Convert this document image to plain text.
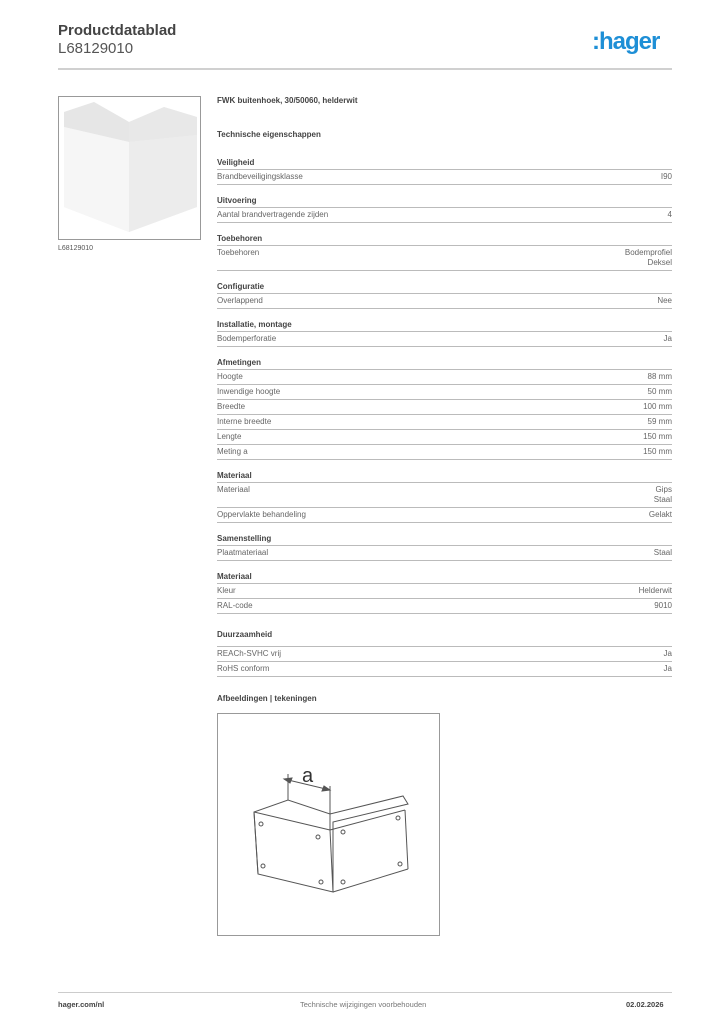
Productdatablad
L68129010	:hager
L68129010
FWK buitenhoek, 30/50060, helderwit
Technische eigenschappen
Veiligheid
Brandbeveiligingsklasse	I90
Uitvoering
Aantal brandvertragende zijden	4
Toebehoren
Toebehoren	Bodemprofiel
Deksel
Configuratie
Overlappend	Nee
Installatie, montage
Bodemperforatie	Ja
Afmetingen
Hoogte	88 mm
Inwendige hoogte	50 mm
Breedte	100 mm
Interne breedte	59 mm
Lengte	150 mm
Meting a	150 mm
Materiaal
Materiaal	Gips
Staal
Oppervlakte behandeling	Gelakt
Samenstelling
Plaatmateriaal	Staal
Materiaal
Kleur	Helderwit
RAL-code	9010
Duurzaamheid
REACh-SVHC vrij	Ja
RoHS conform	Ja
Afbeeldingen | tekeningen
a
hager.com/nl	Technische wijzigingen voorbehouden	02.02.2026
